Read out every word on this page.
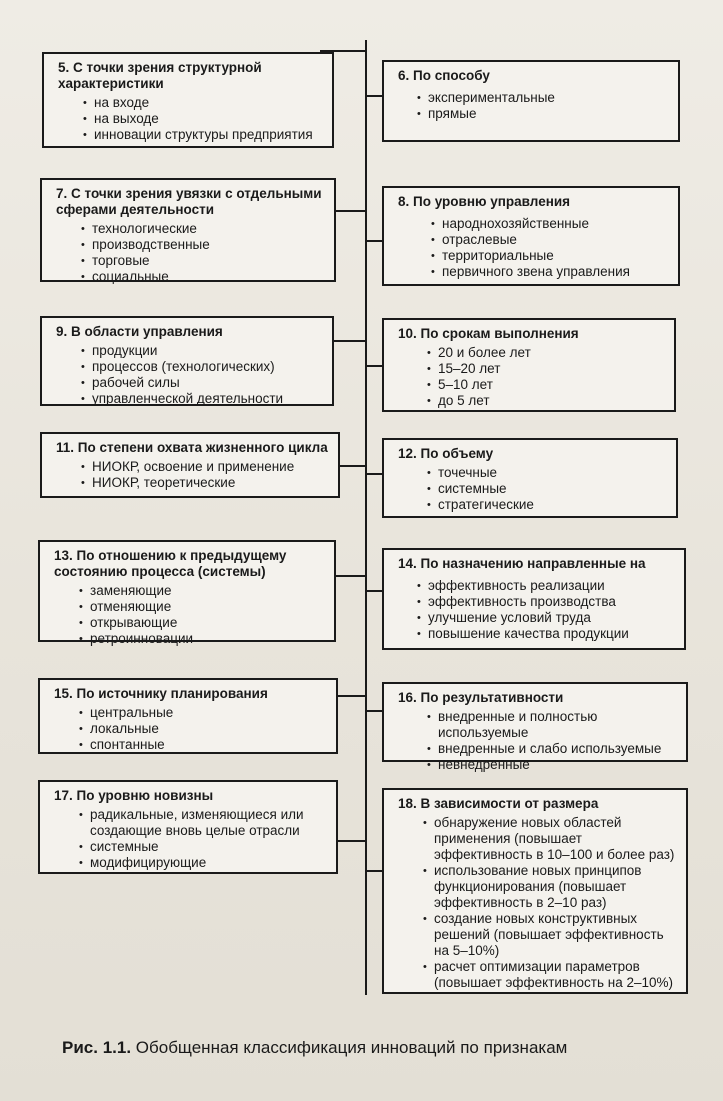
5. С точки зрения структурной характеристики
• на входе
• на выходе
• инновации структуры предприятия
7. С точки зрения увязки с отдельными сферами деятельности
• технологические
• производственные
• торговые
• социальные
9. В области управления
• продукции
• процессов (технологических)
• рабочей силы
• управленческой деятельности
11. По степени охвата жизненного цикла
• НИОКР, освоение и применение
• НИОКР, теоретические
13. По отношению к предыдущему состоянию процесса (системы)
• заменяющие
• отменяющие
• открывающие
• ретроинновации
15. По источнику планирования
• центральные
• локальные
• спонтанные
17. По уровню новизны
• радикальные, изменяющиеся или создающие вновь целые отрасли
• системные
• модифицирующие
6. По способу
• экспериментальные
• прямые
8. По уровню управления
• народнохозяйственные
• отраслевые
• территориальные
• первичного звена управления
10. По срокам выполнения
• 20 и более лет
• 15–20 лет
• 5–10 лет
• до 5 лет
12. По объему
• точечные
• системные
• стратегические
14. По назначению направленные на
• эффективность реализации
• эффективность производства
• улучшение условий труда
• повышение качества продукции
16. По результативности
• внедренные и полностью используемые
• внедренные и слабо используемые
• невнедренные
18. В зависимости от размера
• обнаружение новых областей применения (повышает эффективность в 10–100 и более раз)
• использование новых принципов функционирования (повышает эффективность в 2–10 раз)
• создание новых конструктивных решений (повышает эффективность на 5–10%)
• расчет оптимизации параметров (повышает эффективность на 2–10%)
Рис. 1.1. Обобщенная классификация инноваций по признакам
